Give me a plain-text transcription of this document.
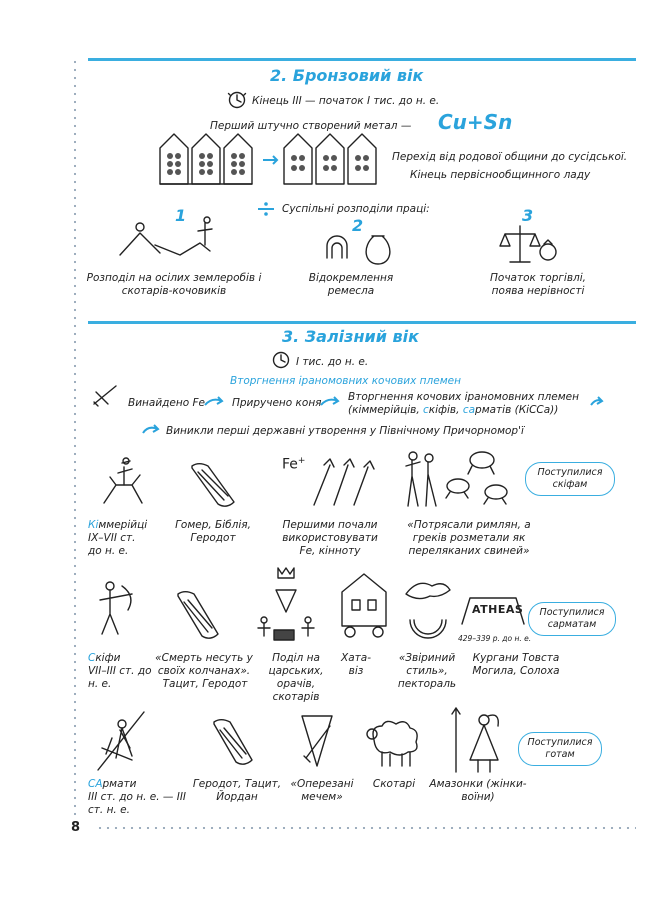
8
2. Бронзовий вік
Кінець ІІІ — початок І тис. до н. е.
Перший штучно створений метал — Cu+Sn
Перехід від родової общини до сусідської.
Кінець первіснообщинного ладу
Суспільні розподіли праці:
1
2
3
Розподіл на осілих землеробів і скотарів-кочовиків
Відокремлення ремесла
Початок торгівлі, поява нерівності
3. Залізний вік
І тис. до н. е.
Вторгнення іраномовних кочових племен
Винайдено Fe	Приручено коня	Вторгнення кочових іраномовних племен
(кіммерійців, скіфів, сарматів (КіССа))
Виникли перші державні утворення у Північному Причорномор'ї
Fe+
Поступилися скіфам
Кіммерійці
ІХ–VІІ ст. до н. е.
Гомер, Біблія, Геродот
Першими почали використовувати Fe, кінноту
«Потрясали римлян, а греків розметали як переляканих свиней»
ATHEAS
429–339 р. до н. е.
Поступилися сарматам
Скіфи
VІІ–ІІІ ст. до н. е.
«Смерть несуть у своїх колчанах».
Тацит, Геродот
Поділ на царських, орачів, скотарів
Хата-віз
«Звіриний стиль», пектораль
Кургани Товста Могила, Солоха
Поступилися готам
САрмати
ІІІ ст. до н. е. — ІІІ ст. н. е.
Геродот, Тацит, Йордан
«Оперезані мечем»
Скотарі	Амазонки (жінки-воїни)
